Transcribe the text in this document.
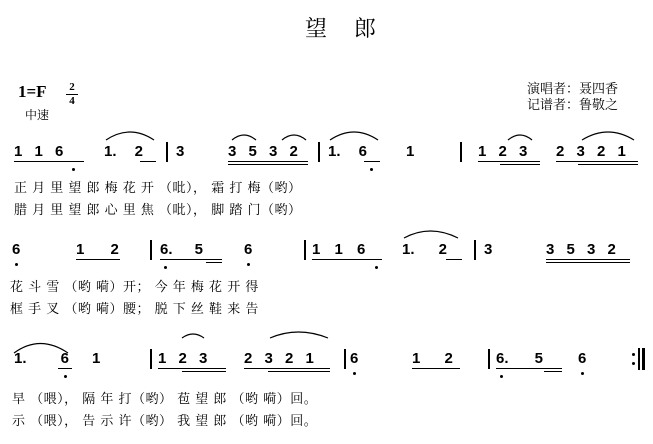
望 郎
1=F 2
4
中速
演唱者：聂四香
记谱者：鲁敬之
1 1 6	1. 2 3	3 5 3 2 1. 6	1	1 2 3 2 3 2 1
正 月 里 望 郎 梅 花 开 （吡）， 霜 打 梅（哟）
腊 月 里 望 郎 心 里 焦 （吡）， 脚 踏 门（哟）
6	1 2	6. 5	6	1 1 6 1. 2 3	3 5 3 2
花 斗 雪 （哟 嗬）开； 今 年 梅 花 开 得
框 手 叉 （哟 嗬）腰； 脱 下 丝 鞋 来 告
1. 6 1	1 2 3 2 3 2 1 6	1 2	6. 5 6
早 （喂）， 隔 年 打（哟） 苞 望 郎 （哟 嗬）回。
示 （喂）， 告 示 许（哟） 我 望 郎 （哟 嗬）回。
